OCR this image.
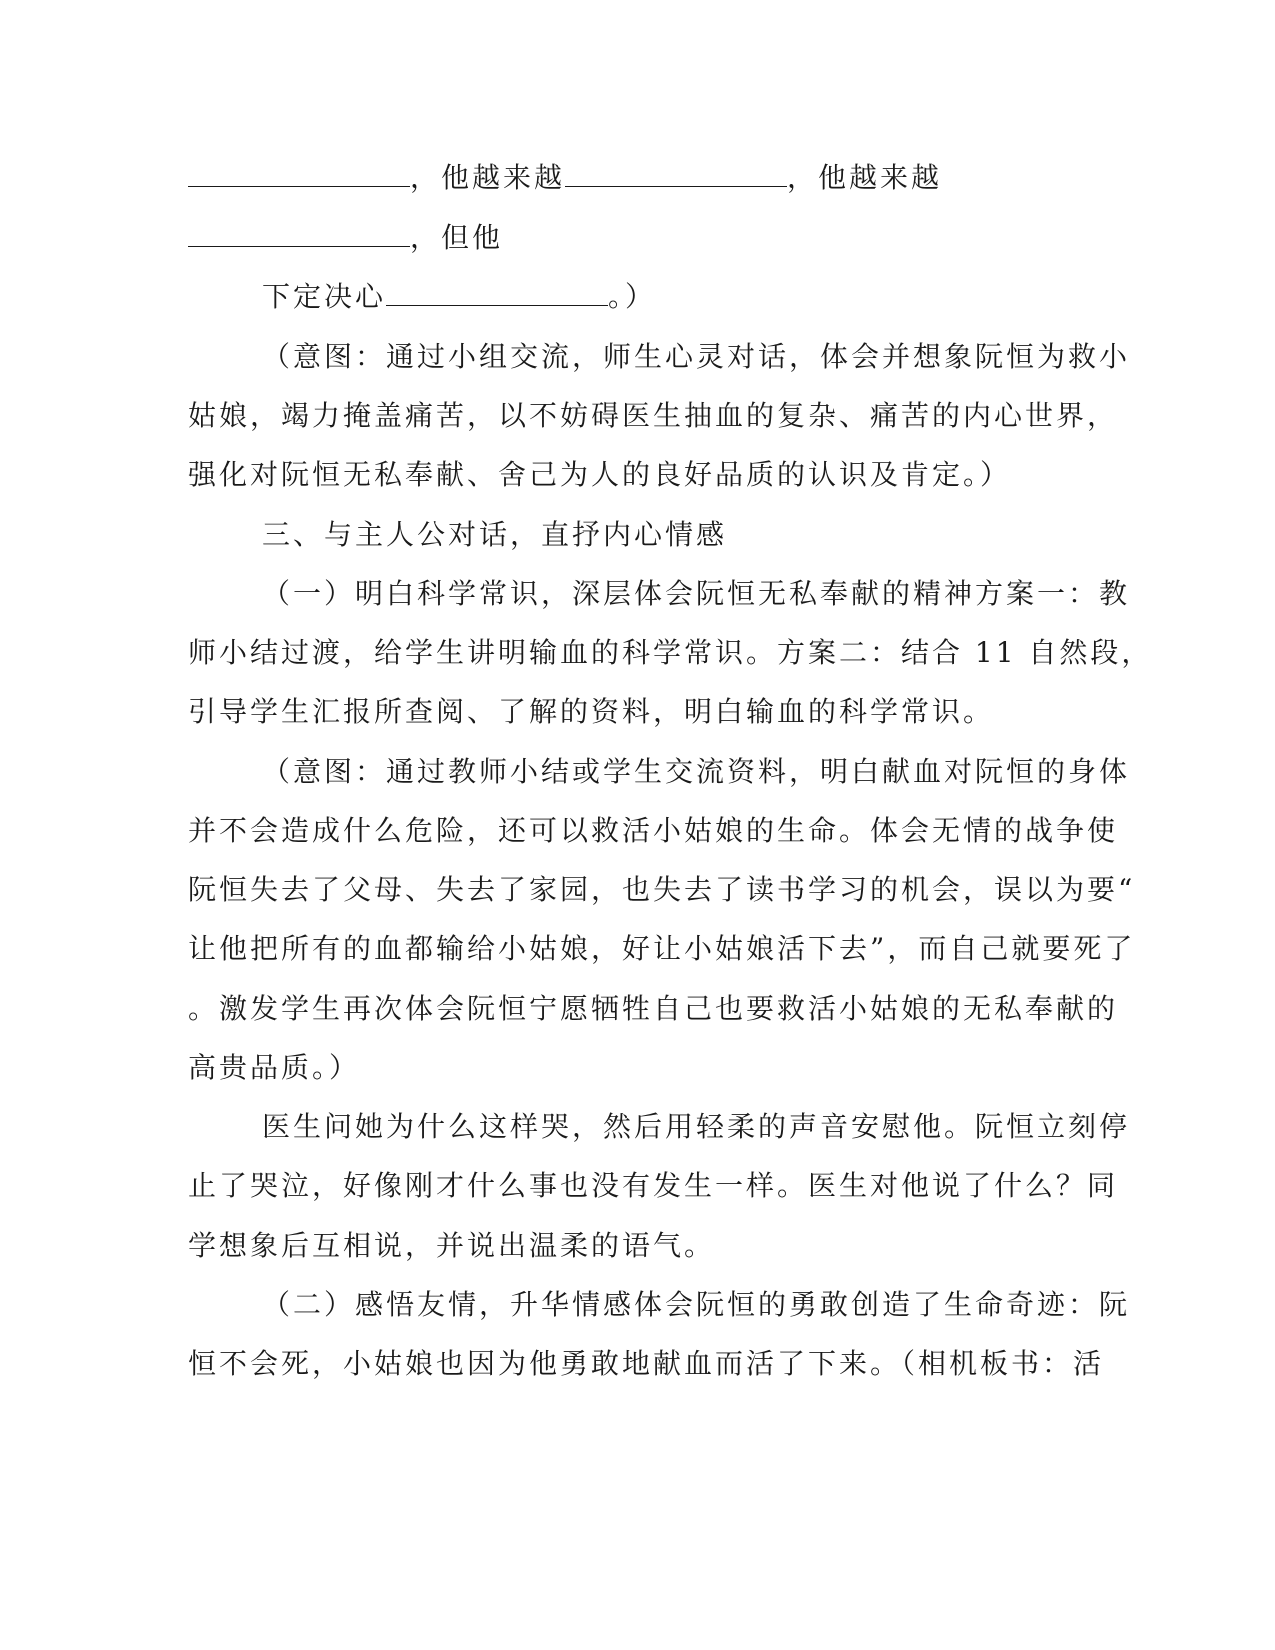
，他越来越	，他越来越
，但他
下定决心	。）
（意图：通过小组交流，师生心灵对话，体会并想象阮恒为救小
姑娘，竭力掩盖痛苦，以不妨碍医生抽血的复杂、痛苦的内心世界，
强化对阮恒无私奉献、舍己为人的良好品质的认识及肯定。）
三、与主人公对话，直抒内心情感
（一）明白科学常识，深层体会阮恒无私奉献的精神方案一：教
师小结过渡，给学生讲明输血的科学常识。方案二：结合 11 自然段，
引导学生汇报所查阅、了解的资料，明白输血的科学常识。
（意图：通过教师小结或学生交流资料，明白献血对阮恒的身体
并不会造成什么危险，还可以救活小姑娘的生命。体会无情的战争使
阮恒失去了父母、失去了家园，也失去了读书学习的机会，误以为要“
让他把所有的血都输给小姑娘，好让小姑娘活下去”，而自己就要死了
。激发学生再次体会阮恒宁愿牺牲自己也要救活小姑娘的无私奉献的
高贵品质。）
医生问她为什么这样哭，然后用轻柔的声音安慰他。阮恒立刻停
止了哭泣，好像刚才什么事也没有发生一样。医生对他说了什么？同
学想象后互相说，并说出温柔的语气。
（二）感悟友情，升华情感体会阮恒的勇敢创造了生命奇迹：阮
恒不会死，小姑娘也因为他勇敢地献血而活了下来。（相机板书：活
